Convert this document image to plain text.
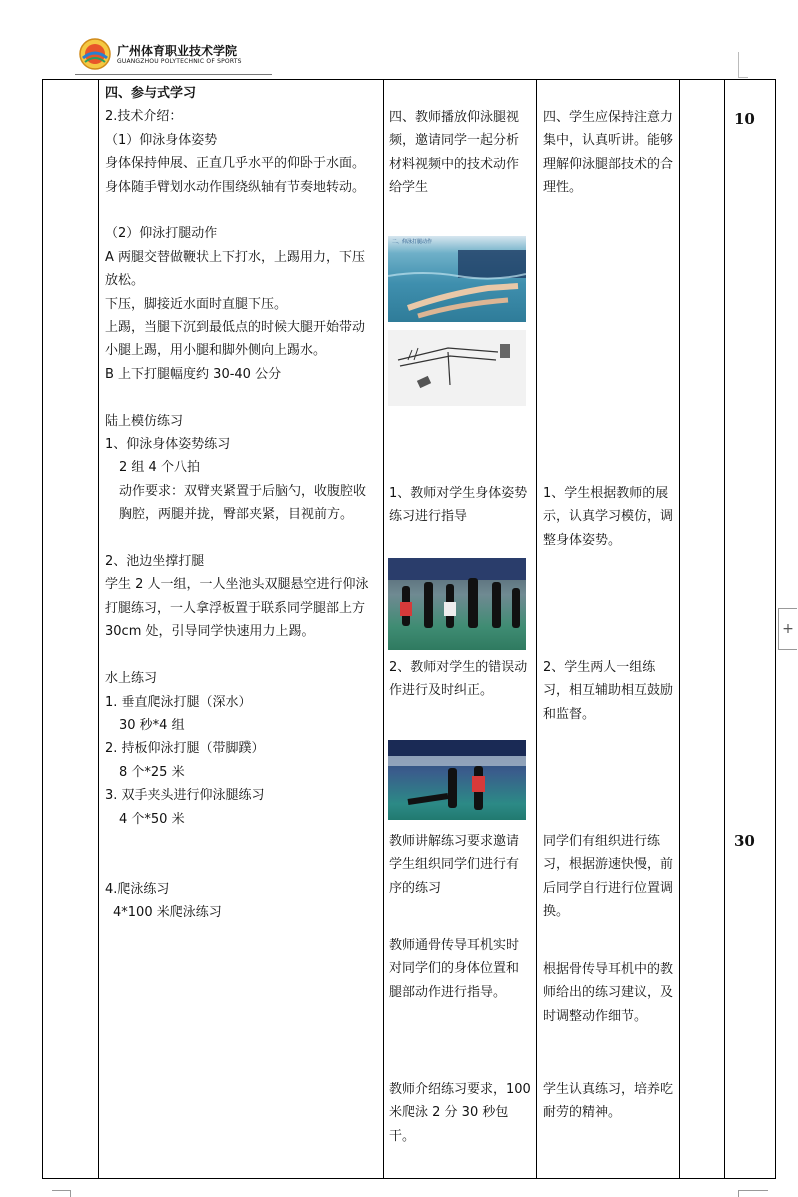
广州体育职业技术学院
GUANGZHOU POLYTECHNIC OF SPORTS

四、参与式学习

2.技术介绍：

（1）仰泳身体姿势

身体保持伸展、正直几乎水平的仰卧于水面。身体随手臂划水动作围绕纵轴有节奏地转动。

（2）仰泳打腿动作

A 两腿交替做鞭状上下打水，上踢用力，下压放松。

下压，脚接近水面时直腿下压。

上踢，当腿下沉到最低点的时候大腿开始带动小腿上踢，用小腿和脚外侧向上踢水。

B 上下打腿幅度约 30-40 公分

陆上模仿练习

1、仰泳身体姿势练习

2 组 4 个八拍

动作要求：双臂夹紧置于后脑勺，收腹腔收胸腔，两腿并拢，臀部夹紧，目视前方。

2、池边坐撑打腿

学生 2 人一组，一人坐池头双腿悬空进行仰泳打腿练习，一人拿浮板置于联系同学腿部上方 30cm 处，引导同学快速用力上踢。

水上练习

1. 垂直爬泳打腿（深水）

30 秒*4 组

2. 持板仰泳打腿（带脚蹼）

8 个*25 米

3. 双手夹头进行仰泳腿练习

4 个*50 米

4.爬泳练习

4*100 米爬泳练习

四、教师播放仰泳腿视频，邀请同学一起分析材料视频中的技术动作给学生
二、仰泳打腿动作
1、教师对学生身体姿势练习进行指导
2、教师对学生的错误动作进行及时纠正。
教师讲解练习要求邀请学生组织同学们进行有序的练习
教师通骨传导耳机实时对同学们的身体位置和腿部动作进行指导。
教师介绍练习要求，100 米爬泳 2 分 30 秒包干。
四、学生应保持注意力集中，认真听讲。能够理解仰泳腿部技术的合理性。
1、学生根据教师的展示，认真学习模仿，调整身体姿势。
2、学生两人一组练习，相互辅助相互鼓励和监督。
同学们有组织进行练习，根据游速快慢，前后同学自行进行位置调换。
根据骨传导耳机中的教师给出的练习建议，及时调整动作细节。
学生认真练习，培养吃耐劳的精神。
10
30
+
